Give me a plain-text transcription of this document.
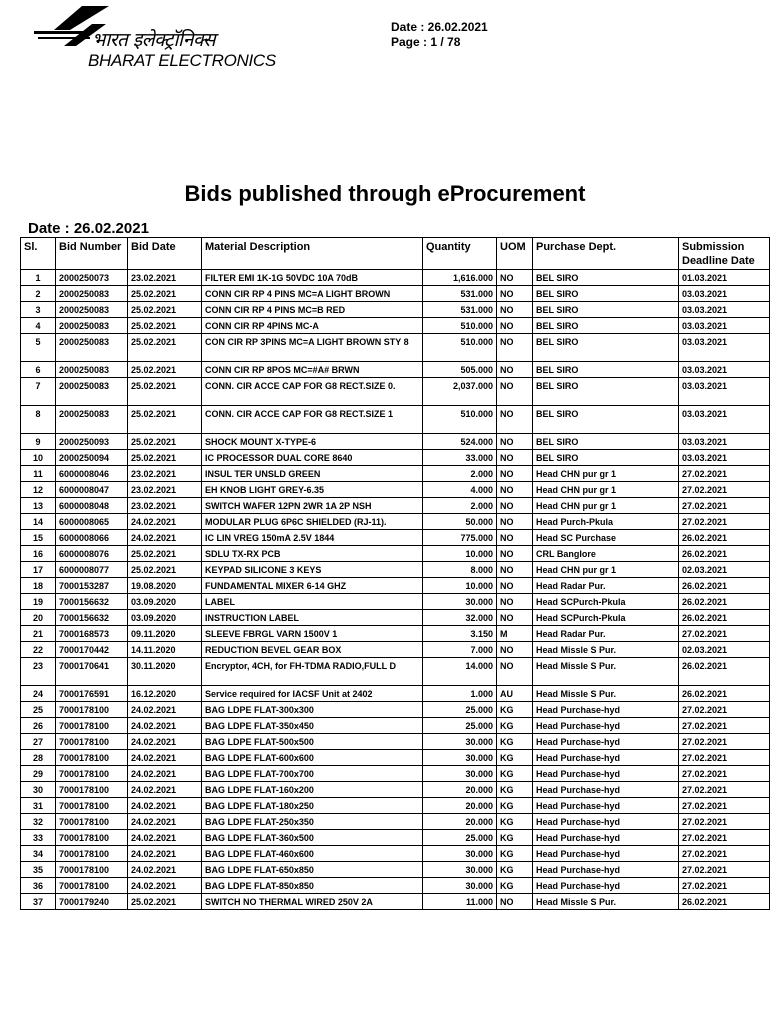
भारत इलेक्ट्रॉनिक्स
BHARAT ELECTRONICS
Date : 26.02.2021
Page : 1 / 78
Bids published through eProcurement
Date : 26.02.2021
Sl.	Bid Number	Bid Date	Material Description	Quantity	UOM	Purchase Dept.	Submission Deadline Date
1	2000250073	23.02.2021	FILTER EMI 1K-1G 50VDC 10A 70dB	1,616.000	NO	BEL SIRO	01.03.2021
2	2000250083	25.02.2021	CONN CIR RP 4 PINS MC=A LIGHT BROWN	531.000	NO	BEL SIRO	03.03.2021
3	2000250083	25.02.2021	CONN CIR RP 4 PINS MC=B RED	531.000	NO	BEL SIRO	03.03.2021
4	2000250083	25.02.2021	CONN CIR RP 4PINS MC-A	510.000	NO	BEL SIRO	03.03.2021
5	2000250083	25.02.2021	CON CIR RP 3PINS MC=A LIGHT BROWN STY 8	510.000	NO	BEL SIRO	03.03.2021
6	2000250083	25.02.2021	CONN CIR RP 8POS MC=#A# BRWN	505.000	NO	BEL SIRO	03.03.2021
7	2000250083	25.02.2021	CONN. CIR ACCE CAP FOR G8 RECT.SIZE 0.	2,037.000	NO	BEL SIRO	03.03.2021
8	2000250083	25.02.2021	CONN. CIR ACCE CAP FOR G8 RECT.SIZE 1	510.000	NO	BEL SIRO	03.03.2021
9	2000250093	25.02.2021	SHOCK MOUNT X-TYPE-6	524.000	NO	BEL SIRO	03.03.2021
10	2000250094	25.02.2021	IC PROCESSOR DUAL CORE 8640	33.000	NO	BEL SIRO	03.03.2021
11	6000008046	23.02.2021	INSUL TER UNSLD GREEN	2.000	NO	Head CHN pur gr 1	27.02.2021
12	6000008047	23.02.2021	EH KNOB LIGHT GREY-6.35	4.000	NO	Head CHN pur gr 1	27.02.2021
13	6000008048	23.02.2021	SWITCH WAFER 12PN 2WR 1A 2P NSH	2.000	NO	Head CHN pur gr 1	27.02.2021
14	6000008065	24.02.2021	MODULAR PLUG 6P6C SHIELDED (RJ-11).	50.000	NO	Head Purch-Pkula	27.02.2021
15	6000008066	24.02.2021	IC LIN VREG 150mA 2.5V 1844	775.000	NO	Head SC Purchase	26.02.2021
16	6000008076	25.02.2021	SDLU TX-RX PCB	10.000	NO	CRL Banglore	26.02.2021
17	6000008077	25.02.2021	KEYPAD SILICONE 3 KEYS	8.000	NO	Head CHN pur gr 1	02.03.2021
18	7000153287	19.08.2020	FUNDAMENTAL MIXER 6-14 GHZ	10.000	NO	Head Radar Pur.	26.02.2021
19	7000156632	03.09.2020	LABEL	30.000	NO	Head SCPurch-Pkula	26.02.2021
20	7000156632	03.09.2020	INSTRUCTION LABEL	32.000	NO	Head SCPurch-Pkula	26.02.2021
21	7000168573	09.11.2020	SLEEVE FBRGL VARN 1500V 1	3.150	M	Head Radar Pur.	27.02.2021
22	7000170442	14.11.2020	REDUCTION BEVEL GEAR BOX	7.000	NO	Head Missle S Pur.	02.03.2021
23	7000170641	30.11.2020	Encryptor, 4CH, for FH-TDMA RADIO,FULL D	14.000	NO	Head Missle S Pur.	26.02.2021
24	7000176591	16.12.2020	Service required for IACSF Unit at 2402	1.000	AU	Head Missle S Pur.	26.02.2021
25	7000178100	24.02.2021	BAG LDPE FLAT-300x300	25.000	KG	Head Purchase-hyd	27.02.2021
26	7000178100	24.02.2021	BAG LDPE FLAT-350x450	25.000	KG	Head Purchase-hyd	27.02.2021
27	7000178100	24.02.2021	BAG LDPE FLAT-500x500	30.000	KG	Head Purchase-hyd	27.02.2021
28	7000178100	24.02.2021	BAG LDPE FLAT-600x600	30.000	KG	Head Purchase-hyd	27.02.2021
29	7000178100	24.02.2021	BAG LDPE FLAT-700x700	30.000	KG	Head Purchase-hyd	27.02.2021
30	7000178100	24.02.2021	BAG LDPE FLAT-160x200	20.000	KG	Head Purchase-hyd	27.02.2021
31	7000178100	24.02.2021	BAG LDPE FLAT-180x250	20.000	KG	Head Purchase-hyd	27.02.2021
32	7000178100	24.02.2021	BAG LDPE FLAT-250x350	20.000	KG	Head Purchase-hyd	27.02.2021
33	7000178100	24.02.2021	BAG LDPE FLAT-360x500	25.000	KG	Head Purchase-hyd	27.02.2021
34	7000178100	24.02.2021	BAG LDPE FLAT-460x600	30.000	KG	Head Purchase-hyd	27.02.2021
35	7000178100	24.02.2021	BAG LDPE FLAT-650x850	30.000	KG	Head Purchase-hyd	27.02.2021
36	7000178100	24.02.2021	BAG LDPE FLAT-850x850	30.000	KG	Head Purchase-hyd	27.02.2021
37	7000179240	25.02.2021	SWITCH NO THERMAL WIRED 250V 2A	11.000	NO	Head Missle S Pur.	26.02.2021
